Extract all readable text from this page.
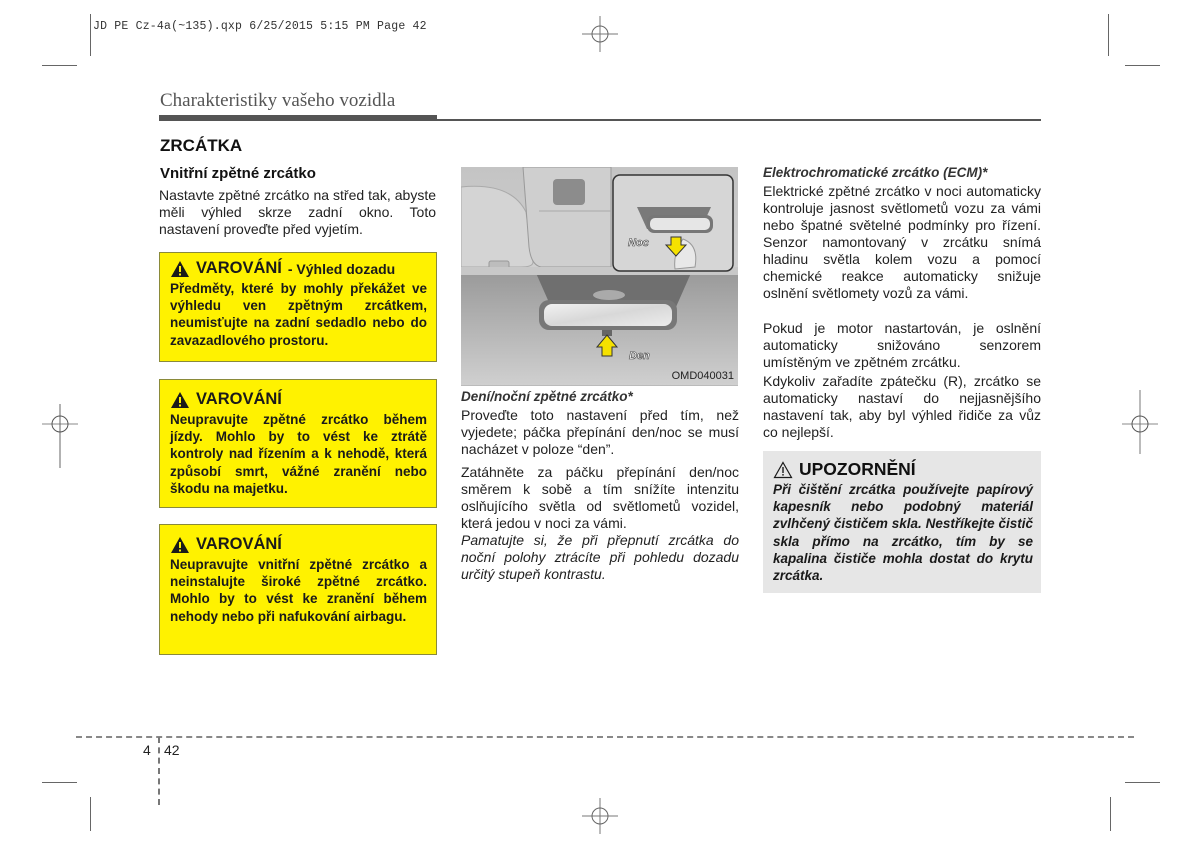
JD PE Cz-4a(~135).qxp 6/25/2015 5:15 PM Page 42
Charakteristiky vašeho vozidla
ZRCÁTKA
Vnitřní zpětné zrcátko
Nastavte zpětné zrcátko na střed tak, abyste měli výhled skrze zadní okno. Toto nastavení proveďte před vyjetím.
VAROVÁNÍ - Výhled dozadu
Předměty, které by mohly překážet ve výhledu ven zpětným zrcátkem, neumisťujte na zadní sedadlo nebo do zavazadlového prostoru.
VAROVÁNÍ
Neupravujte zpětné zrcátko během jízdy. Mohlo by to vést ke ztrátě kontroly nad řízením a k nehodě, která způsobí smrt, vážné zranění nebo škodu na majetku.
VAROVÁNÍ
Neupravujte vnitřní zpětné zrcátko a neinstalujte široké zpětné zrcátko. Mohlo by to vést ke zranění během nehody nebo při nafukování airbagu.
Noc
Den
OMD040031
Dení/noční zpětné zrcátko*
Proveďte toto nastavení před tím, než vyjedete; páčka přepínání den/noc se musí nacházet v poloze “den”.
Zatáhněte za páčku přepínání den/noc směrem k sobě a tím snížíte intenzitu oslňujícího světla od světlometů vozidel, která jedou v noci za vámi.
Pamatujte si, že při přepnutí zrcátka do noční polohy ztrácíte při pohledu dozadu určitý stupeň kontrastu.
Elektrochromatické zrcátko (ECM)*
Elektrické zpětné zrcátko v noci automaticky kontroluje jasnost světlometů vozu za vámi nebo špatné světelné podmínky pro řízení. Senzor namontovaný v zrcátku snímá hladinu světla kolem vozu a pomocí chemické reakce automaticky snižuje oslnění světlomety vozů za vámi.
Pokud je motor nastartován, je oslnění automaticky snižováno senzorem umístěným ve zpětném zrcátku.
Kdykoliv zařadíte zpátečku (R), zrcátko se automaticky nastaví do nejjasnějšího nastavení tak, aby byl výhled řidiče za vůz co nejlepší.
UPOZORNĚNÍ
Při čištění zrcátka používejte papírový kapesník nebo podobný materiál zvlhčený čističem skla. Nestříkejte čistič skla přímo na zrcátko, tím by se kapalina čističe mohla dostat do krytu zrcátka.
4 42
